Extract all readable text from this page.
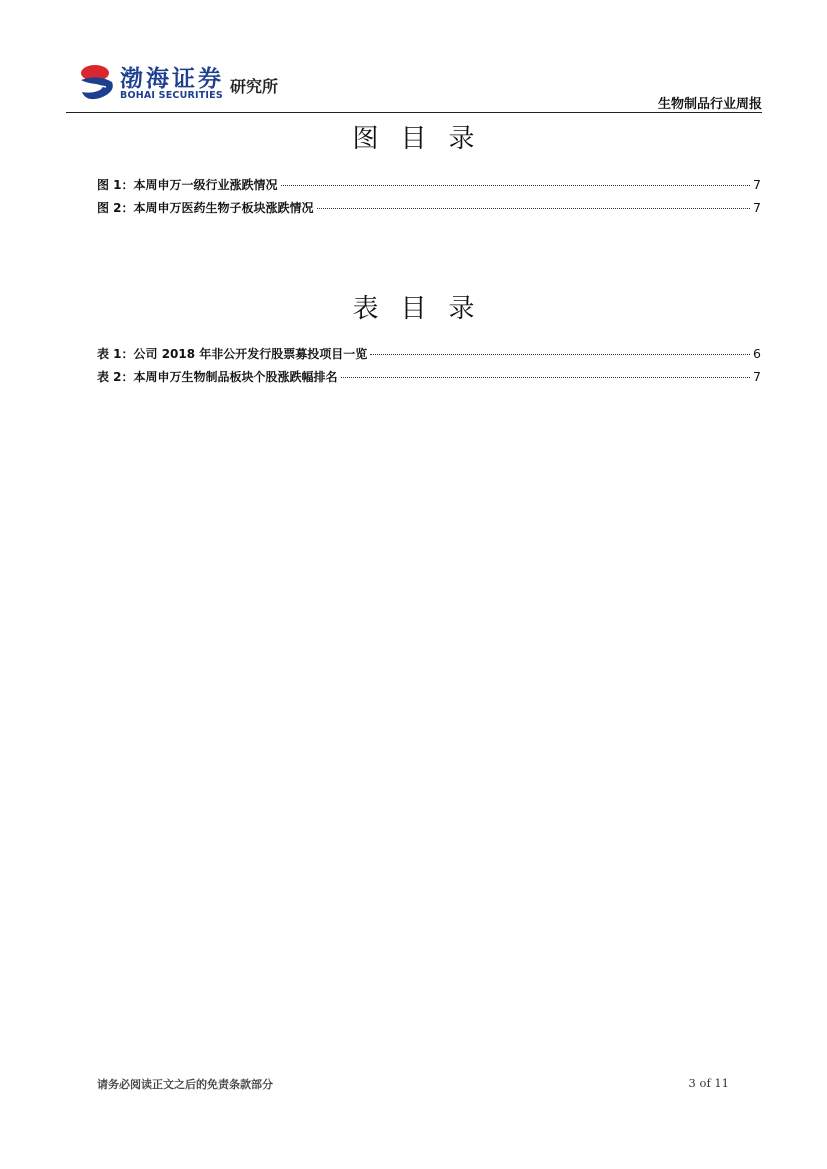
渤海证券
BOHAI SECURITIES 研究所
生物制品行业周报
图目录
图 1：本周申万一级行业涨跌情况	7
图 2：本周申万医药生物子板块涨跌情况	7
表目录
表 1：公司 2018 年非公开发行股票募投项目一览	6
表 2：本周申万生物制品板块个股涨跌幅排名	7
请务必阅读正文之后的免责条款部分	3 of 11
